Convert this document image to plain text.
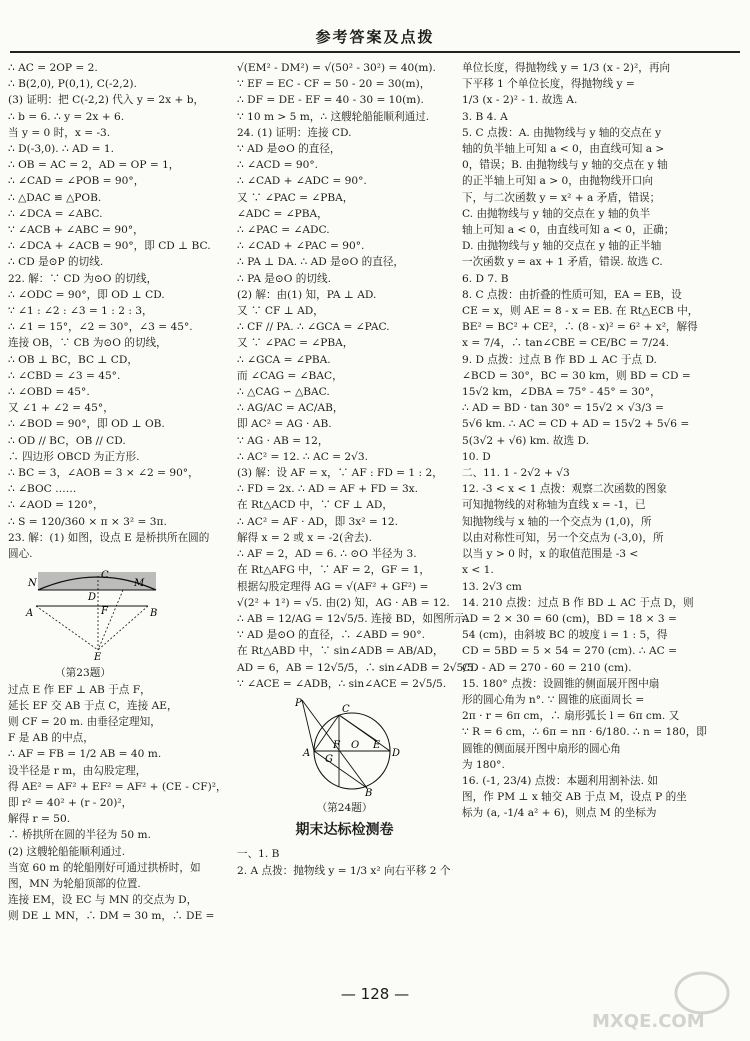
参考答案及点拨
∴ AC = 2OP = 2.
∴ B(2,0), P(0,1), C(-2,2).
(3) 证明：把 C(-2,2) 代入 y = 2x + b，
∴ b = 6. ∴ y = 2x + 6.
当 y = 0 时，x = -3.
∴ D(-3,0). ∴ AD = 1.
∴ OB = AC = 2，AD = OP = 1，
∴ ∠CAD = ∠POB = 90°，
∴ △DAC ≌ △POB.
∴ ∠DCA = ∠ABC.
∵ ∠ACB + ∠ABC = 90°，
∴ ∠DCA + ∠ACB = 90°，即 CD ⊥ BC.
∴ CD 是⊙P 的切线.
22. 解：∵ CD 为⊙O 的切线，
∴ ∠ODC = 90°，即 OD ⊥ CD.
∵ ∠1 : ∠2 : ∠3 = 1 : 2 : 3，
∴ ∠1 = 15°，∠2 = 30°，∠3 = 45°.
连接 OB，∵ CB 为⊙O 的切线，
∴ OB ⊥ BC，BC ⊥ CD，
∴ ∠CBD = ∠3 = 45°.
∴ ∠OBD = 45°.
又 ∠1 + ∠2 = 45°，
∴ ∠BOD = 90°，即 OD ⊥ OB.
∴ OD // BC，OB // CD.
∴ 四边形 OBCD 为正方形.
∴ BC = 3，∠AOB = 3 × ∠2 = 90°，
∴ ∠BOC ……
∴ ∠AOD = 120°，
∴ S = 120/360 × π × 3² = 3π.
23. 解：(1) 如图，设点 E 是桥拱所在圆的
圆心.
N
C
M
D
F
A	B
E
（第23题）
过点 E 作 EF ⊥ AB 于点 F，
延长 EF 交 AB 于点 C，连接 AE，
则 CF = 20 m. 由垂径定理知，
F 是 AB 的中点，
∴ AF = FB = 1/2 AB = 40 m.
设半径是 r m，由勾股定理，
得 AE² = AF² + EF² = AF² + (CE - CF)²，
即 r² = 40² + (r - 20)²，
解得 r = 50.
∴ 桥拱所在圆的半径为 50 m.
(2) 这艘轮船能顺利通过.
当宽 60 m 的轮船刚好可通过拱桥时，如
图，MN 为轮船顶部的位置.
连接 EM，设 EC 与 MN 的交点为 D，
则 DE ⊥ MN，∴ DM = 30 m，∴ DE =
√(EM² - DM²) = √(50² - 30²) = 40(m).
∵ EF = EC - CF = 50 - 20 = 30(m)，
∴ DF = DE - EF = 40 - 30 = 10(m).
∵ 10 m > 5 m，∴ 这艘轮船能顺利通过.
24. (1) 证明：连接 CD.
∵ AD 是⊙O 的直径，
∴ ∠ACD = 90°.
∴ ∠CAD + ∠ADC = 90°.
又 ∵ ∠PAC = ∠PBA，
∠ADC = ∠PBA，
∴ ∠PAC = ∠ADC.
∴ ∠CAD + ∠PAC = 90°.
∴ PA ⊥ DA. ∴ AD 是⊙O 的直径，
∴ PA 是⊙O 的切线.
(2) 解：由(1) 知，PA ⊥ AD.
又 ∵ CF ⊥ AD，
∴ CF // PA. ∴ ∠GCA = ∠PAC.
又 ∵ ∠PAC = ∠PBA，
∴ ∠GCA = ∠PBA.
而 ∠CAG = ∠BAC，
∴ △CAG ∽ △BAC.
∴ AG/AC = AC/AB，
即 AC² = AG · AB.
∵ AG · AB = 12，
∴ AC² = 12. ∴ AC = 2√3.
(3) 解：设 AF = x，∵ AF : FD = 1 : 2，
∴ FD = 2x. ∴ AD = AF + FD = 3x.
在 Rt△ACD 中，∵ CF ⊥ AD，
∴ AC² = AF · AD，即 3x² = 12.
解得 x = 2 或 x = -2(舍去).
∴ AF = 2，AD = 6. ∴ ⊙O 半径为 3.
在 Rt△AFG 中，∵ AF = 2，GF = 1，
根据勾股定理得 AG = √(AF² + GF²) =
√(2² + 1²) = √5. 由(2) 知，AG · AB = 12.
∴ AB = 12/AG = 12√5/5. 连接 BD，如图所示.
∵ AD 是⊙O 的直径，∴ ∠ABD = 90°.
在 Rt△ABD 中，∵ sin∠ADB = AB/AD，
AD = 6，AB = 12√5/5，∴ sin∠ADB = 2√5/5.
∵ ∠ACE = ∠ADB，∴ sin∠ACE = 2√5/5.
P
C
A
G
F O E
D
B
（第24题）
期末达标检测卷
一、1. B
2. A 点拨：抛物线 y = 1/3 x² 向右平移 2 个
单位长度，得抛物线 y = 1/3 (x - 2)²，再向
下平移 1 个单位长度，得抛物线 y =
1/3 (x - 2)² - 1. 故选 A.
3. B 4. A
5. C 点拨：A. 由抛物线与 y 轴的交点在 y
轴的负半轴上可知 a < 0，由直线可知 a >
0，错误；B. 由抛物线与 y 轴的交点在 y 轴
的正半轴上可知 a > 0，由抛物线开口向
下，与二次函数 y = x² + a 矛盾，错误；
C. 由抛物线与 y 轴的交点在 y 轴的负半
轴上可知 a < 0，由直线可知 a < 0，正确；
D. 由抛物线与 y 轴的交点在 y 轴的正半轴
一次函数 y = ax + 1 矛盾，错误. 故选 C.
6. D 7. B
8. C 点拨：由折叠的性质可知，EA = EB，设
CE = x，则 AE = 8 - x = EB. 在 Rt△ECB 中，
BE² = BC² + CE²，∴ (8 - x)² = 6² + x²，解得
x = 7/4，∴ tan∠CBE = CE/BC = 7/24.
9. D 点拨：过点 B 作 BD ⊥ AC 于点 D.
∠BCD = 30°，BC = 30 km，则 BD = CD =
15√2 km，∠DBA = 75° - 45° = 30°，
∴ AD = BD · tan 30° = 15√2 × √3/3 =
5√6 km. ∴ AC = CD + AD = 15√2 + 5√6 =
5(3√2 + √6) km. 故选 D.
10. D
二、11. 1 - 2√2 + √3
12. -3 < x < 1 点拨：观察二次函数的图象
可知抛物线的对称轴为直线 x = -1，已
知抛物线与 x 轴的一个交点为 (1,0)，所
以由对称性可知，另一个交点为 (-3,0)，所
以当 y > 0 时，x 的取值范围是 -3 <
x < 1.
13. 2√3 cm
14. 210 点拨：过点 B 作 BD ⊥ AC 于点 D，则
AD = 2 × 30 = 60 (cm)，BD = 18 × 3 =
54 (cm)，由斜坡 BC 的坡度 i = 1 : 5，得
CD = 5BD = 5 × 54 = 270 (cm). ∴ AC =
CD - AD = 270 - 60 = 210 (cm).
15. 180° 点拨：设圆锥的侧面展开图中扇
形的圆心角为 n°. ∵ 圆锥的底面周长 =
2π · r = 6π cm，∴ 扇形弧长 l = 6π cm. 又
∵ R = 6 cm，∴ 6π = nπ · 6/180. ∴ n = 180，即
圆锥的侧面展开图中扇形的圆心角
为 180°.
16. (-1, 23/4) 点拨：本题利用割补法. 如
图，作 PM ⊥ x 轴交 AB 于点 M，设点 P 的坐
标为 (a, -1/4 a² + 6)，则点 M 的坐标为
— 128 —
MXQE.COM
